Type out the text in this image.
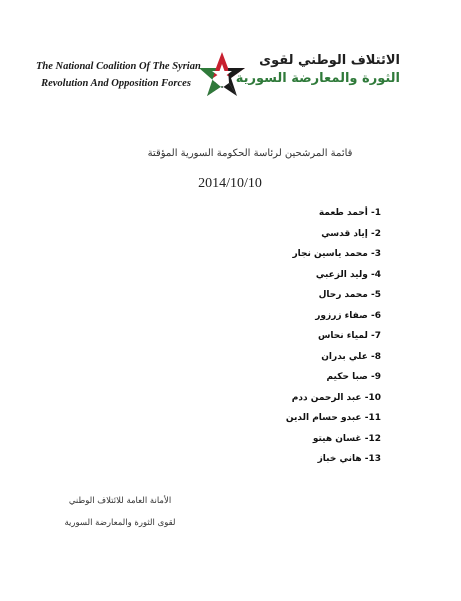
The National Coalition Of The Syrian
Revolution And Opposition Forces
الائتلاف الوطني لقوى
الثورة والمعارضة السورية
قائمة المرشحين لرئاسة الحكومة السورية المؤقتة
2014/10/10
1- أحمد طعمة
2- إياد قدسي
3- محمد ياسين نجار
4- وليد الزعبي
5- محمد رحال
6- صفاء زرزور
7- لمياء نحاس
8- علي بدران
9- صبا حكيم
10- عبد الرحمن ددم
11- عبدو حسام الدين
12- غسان هيتو
13- هاني خباز
الأمانة العامة للائتلاف الوطني
لقوى الثورة والمعارضة السورية
